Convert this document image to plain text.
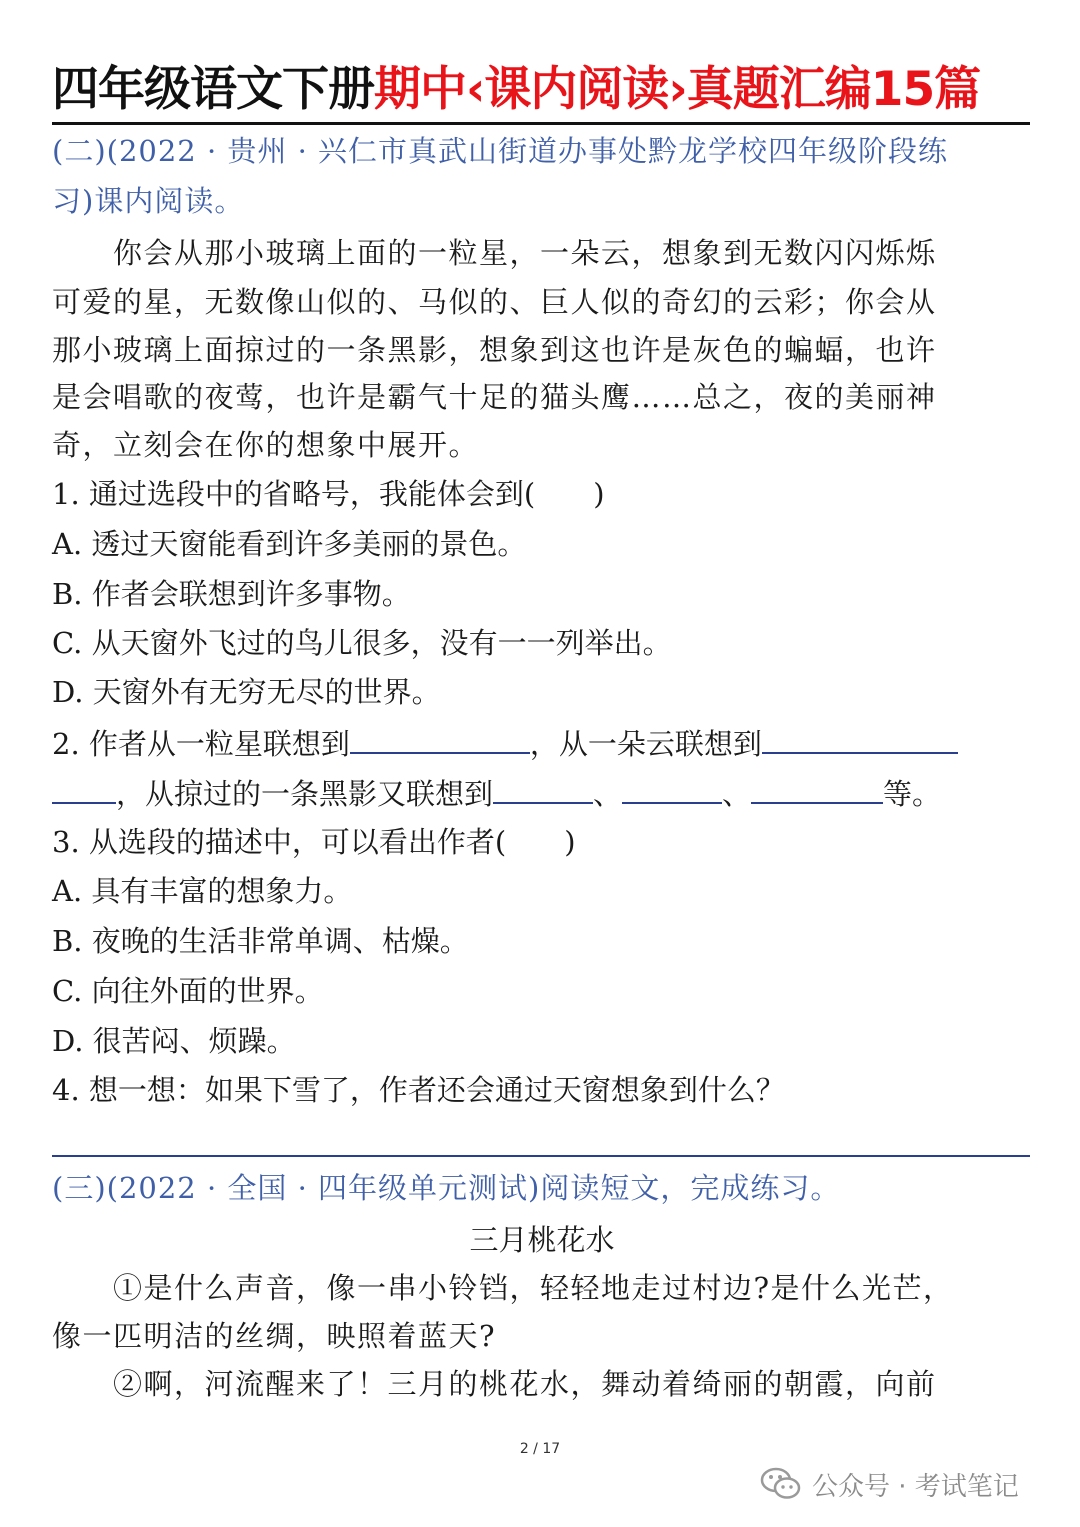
四年级语文下册期中‹课内阅读›真题汇编15篇
(二)(2022 · 贵州 · 兴仁市真武山街道办事处黔龙学校四年级阶段练
习)课内阅读。
　　你会从那小玻璃上面的一粒星，一朵云，想象到无数闪闪烁烁
可爱的星，无数像山似的、马似的、巨人似的奇幻的云彩；你会从
那小玻璃上面掠过的一条黑影，想象到这也许是灰色的蝙蝠，也许
是会唱歌的夜莺，也许是霸气十足的猫头鹰……总之，夜的美丽神
奇，立刻会在你的想象中展开。
1. 通过选段中的省略号，我能体会到(　　)
A. 透过天窗能看到许多美丽的景色。
B. 作者会联想到许多事物。
C. 从天窗外飞过的鸟儿很多，没有一一列举出。
D. 天窗外有无穷无尽的世界。
2. 作者从一粒星联想到	，从一朵云联想到
，从掠过的一条黑影又联想到	、	、	等。
3. 从选段的描述中，可以看出作者(　　)
A. 具有丰富的想象力。
B. 夜晚的生活非常单调、枯燥。
C. 向往外面的世界。
D. 很苦闷、烦躁。
4. 想一想：如果下雪了，作者还会通过天窗想象到什么？
(三)(2022 · 全国 · 四年级单元测试)阅读短文，完成练习。
三月桃花水
　　①是什么声音，像一串小铃铛，轻轻地走过村边?是什么光芒，
像一匹明洁的丝绸，映照着蓝天?
　　②啊，河流醒来了！三月的桃花水，舞动着绮丽的朝霞，向前
2 / 17
公众号 · 考试笔记
